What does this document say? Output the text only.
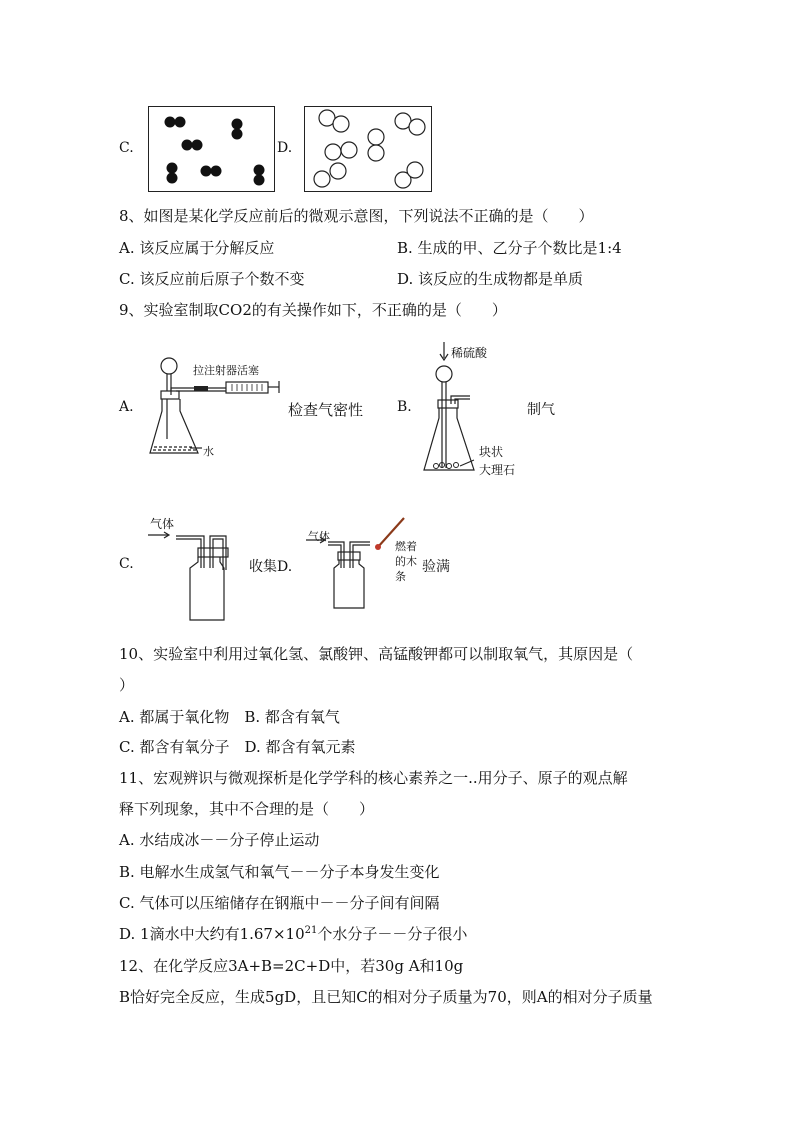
C.	D.
8、如图是某化学反应前后的微观示意图，下列说法不正确的是（　　）
A. 该反应属于分解反应	B. 生成的甲、乙分子个数比是1:4
C. 该反应前后原子个数不变	D. 该反应的生成物都是单质
9、实验室制取CO2的有关操作如下，不正确的是（　　）
A.
拉注射器活塞
水
检查气密性 B.
稀硫酸
制气
块状
大理石
C.
气体
收集D.
气体
燃着
的木
条
验满
10、实验室中利用过氧化氢、氯酸钾、高锰酸钾都可以制取氧气，其原因是（
）
A. 都属于氧化物　B. 都含有氧气
C. 都含有氧分子　D. 都含有氧元素
11、宏观辨识与微观探析是化学学科的核心素养之一..用分子、原子的观点解
释下列现象，其中不合理的是（　　）
A. 水结成冰－－分子停止运动
B. 电解水生成氢气和氧气－－分子本身发生变化
C. 气体可以压缩储存在钢瓶中－－分子间有间隔
D. 1滴水中大约有$1.67\times 10^{21}$个水分子－－分子很小
12、在化学反应3A+B=2C+D中，若30g A和10g
B恰好完全反应，生成5gD，且已知C的相对分子质量为70，则A的相对分子质量
